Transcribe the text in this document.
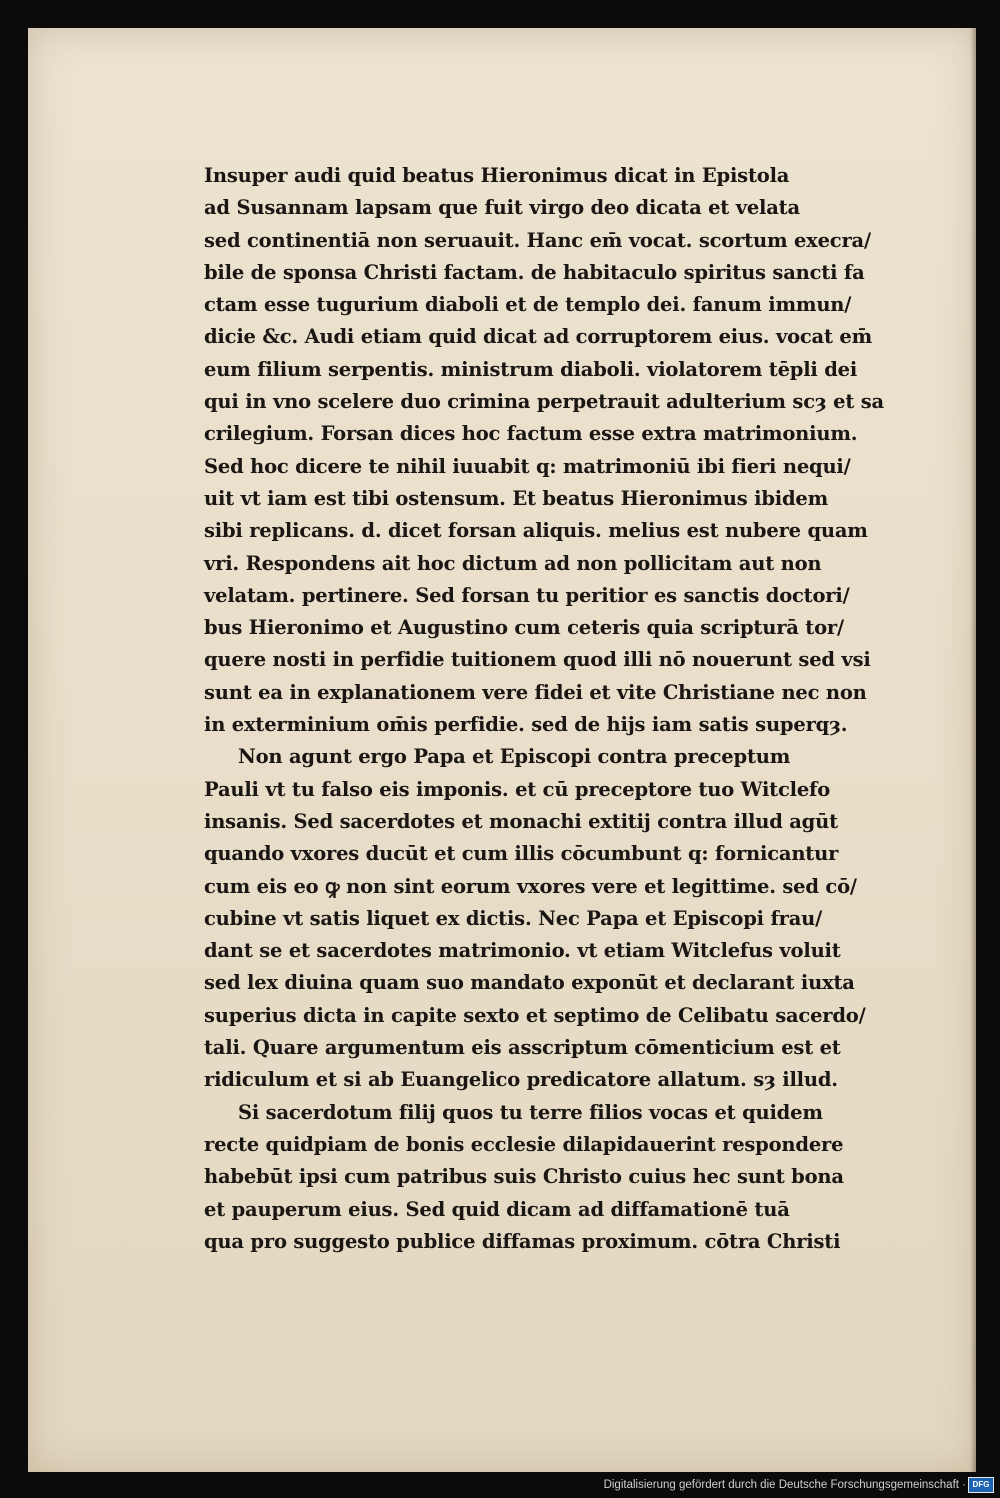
Insuper audi quid beatus Hieronimus dicat in Epistola
ad Susannam lapsam que fuit virgo deo dicata et velata
sed continentiā non seruauit. Hanc em̄ vocat. scortum execra/
bile de sponsa Christi factam. de habitaculo spiritus sancti fa
ctam esse tugurium diaboli et de templo dei. fanum immun/
dicie &c. Audi etiam quid dicat ad corruptorem eius. vocat em̄
eum filium serpentis. ministrum diaboli. violatorem tēpli dei
qui in vno scelere duo crimina perpetrauit adulterium scȝ et sa
crilegium. Forsan dices hoc factum esse extra matrimonium.
Sed hoc dicere te nihil iuuabit q: matrimoniū ibi fieri nequi/
uit vt iam est tibi ostensum. Et beatus Hieronimus ibidem
sibi replicans. d. dicet forsan aliquis. melius est nubere quam
vri. Respondens ait hoc dictum ad non pollicitam aut non
velatam. pertinere. Sed forsan tu peritior es sanctis doctori/
bus Hieronimo et Augustino cum ceteris quia scripturā tor/
quere nosti in perfidie tuitionem quod illi nō nouerunt sed vsi
sunt ea in explanationem vere fidei et vite Christiane nec non
in exterminium om̄is perfidie. sed de hijs iam satis superqȝ.
Non agunt ergo Papa et Episcopi contra preceptum
Pauli vt tu falso eis imponis. et cū preceptore tuo Witclefo
insanis. Sed sacerdotes et monachi extitij contra illud agūt
quando vxores ducūt et cum illis cōcumbunt q: fornicantur
cum eis eo ꝙ non sint eorum vxores vere et legittime. sed cō/
cubine vt satis liquet ex dictis. Nec Papa et Episcopi frau/
dant se et sacerdotes matrimonio. vt etiam Witclefus voluit
sed lex diuina quam suo mandato exponūt et declarant iuxta
superius dicta in capite sexto et septimo de Celibatu sacerdo/
tali. Quare argumentum eis asscriptum cōmenticium est et
ridiculum et si ab Euangelico predicatore allatum. sȝ illud.
Si sacerdotum filij quos tu terre filios vocas et quidem
recte quidpiam de bonis ecclesie dilapidauerint respondere
habebūt ipsi cum patribus suis Christo cuius hec sunt bona
et pauperum eius. Sed quid dicam ad diffamationē tuā
qua pro suggesto publice diffamas proximum. cōtra Christi
Digitalisierung gefördert durch die Deutsche Forschungsgemeinschaft · DFG
